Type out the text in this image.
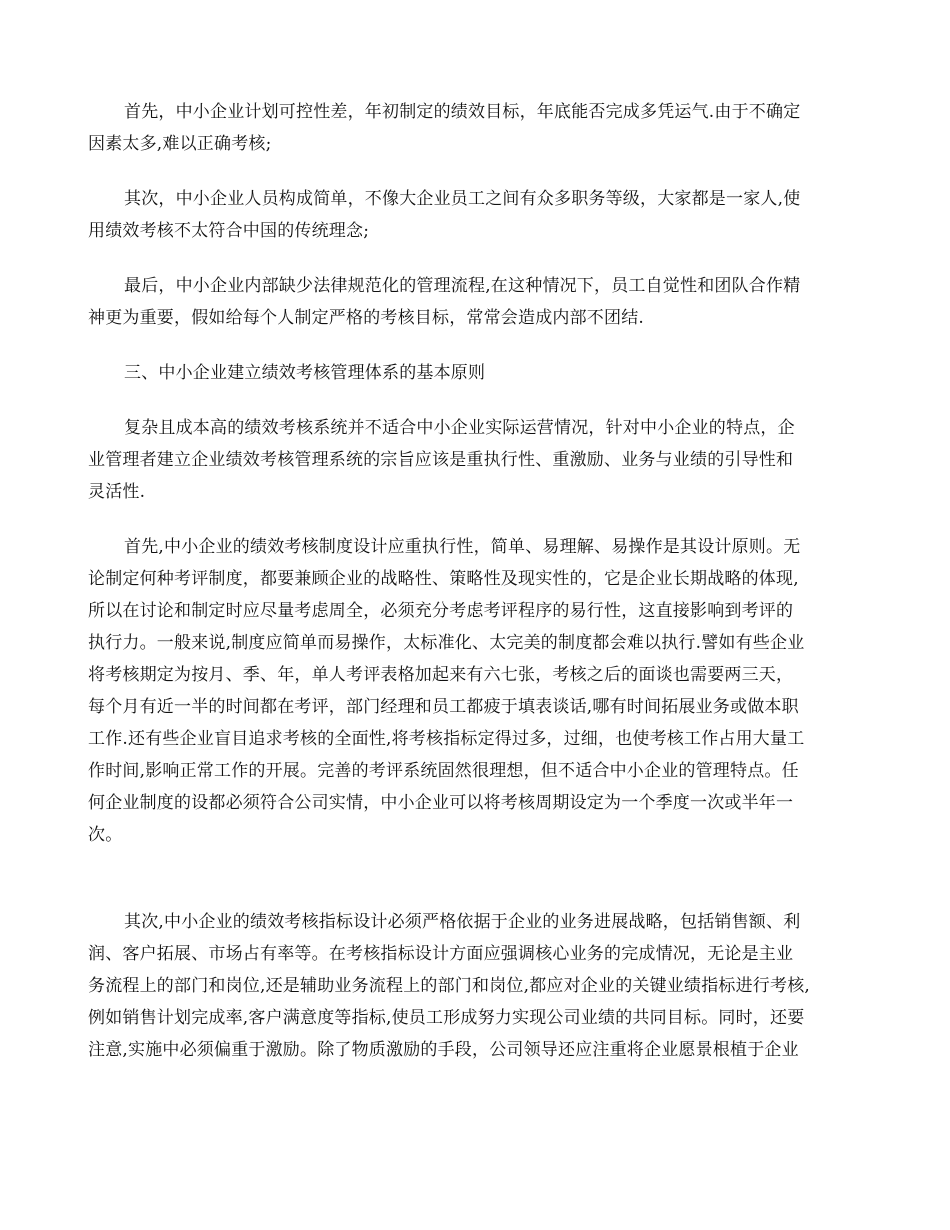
首先，中小企业计划可控性差，年初制定的绩效目标，年底能否完成多凭运气.由于不确定
因素太多,难以正确考核;
其次，中小企业人员构成简单，不像大企业员工之间有众多职务等级，大家都是一家人,使
用绩效考核不太符合中国的传统理念;
最后，中小企业内部缺少法律规范化的管理流程,在这种情况下，员工自觉性和团队合作精
神更为重要，假如给每个人制定严格的考核目标，常常会造成内部不团结.
三、中小企业建立绩效考核管理体系的基本原则
复杂且成本高的绩效考核系统并不适合中小企业实际运营情况，针对中小企业的特点，企
业管理者建立企业绩效考核管理系统的宗旨应该是重执行性、重激励、业务与业绩的引导性和
灵活性.
首先,中小企业的绩效考核制度设计应重执行性，简单、易理解、易操作是其设计原则。无
论制定何种考评制度，都要兼顾企业的战略性、策略性及现实性的，它是企业长期战略的体现,
所以在讨论和制定时应尽量考虑周全，必须充分考虑考评程序的易行性，这直接影响到考评的
执行力。一般来说,制度应简单而易操作，太标准化、太完美的制度都会难以执行.譬如有些企业
将考核期定为按月、季、年，单人考评表格加起来有六七张，考核之后的面谈也需要两三天，
每个月有近一半的时间都在考评，部门经理和员工都疲于填表谈话,哪有时间拓展业务或做本职
工作.还有些企业盲目追求考核的全面性,将考核指标定得过多，过细，也使考核工作占用大量工
作时间,影响正常工作的开展。完善的考评系统固然很理想，但不适合中小企业的管理特点。任
何企业制度的设都必须符合公司实情，中小企业可以将考核周期设定为一个季度一次或半年一
次。
其次,中小企业的绩效考核指标设计必须严格依据于企业的业务进展战略，包括销售额、利
润、客户拓展、市场占有率等。在考核指标设计方面应强调核心业务的完成情况，无论是主业
务流程上的部门和岗位,还是辅助业务流程上的部门和岗位,都应对企业的关键业绩指标进行考核,
例如销售计划完成率,客户满意度等指标,使员工形成努力实现公司业绩的共同目标。同时，还要
注意,实施中必须偏重于激励。除了物质激励的手段，公司领导还应注重将企业愿景根植于企业
